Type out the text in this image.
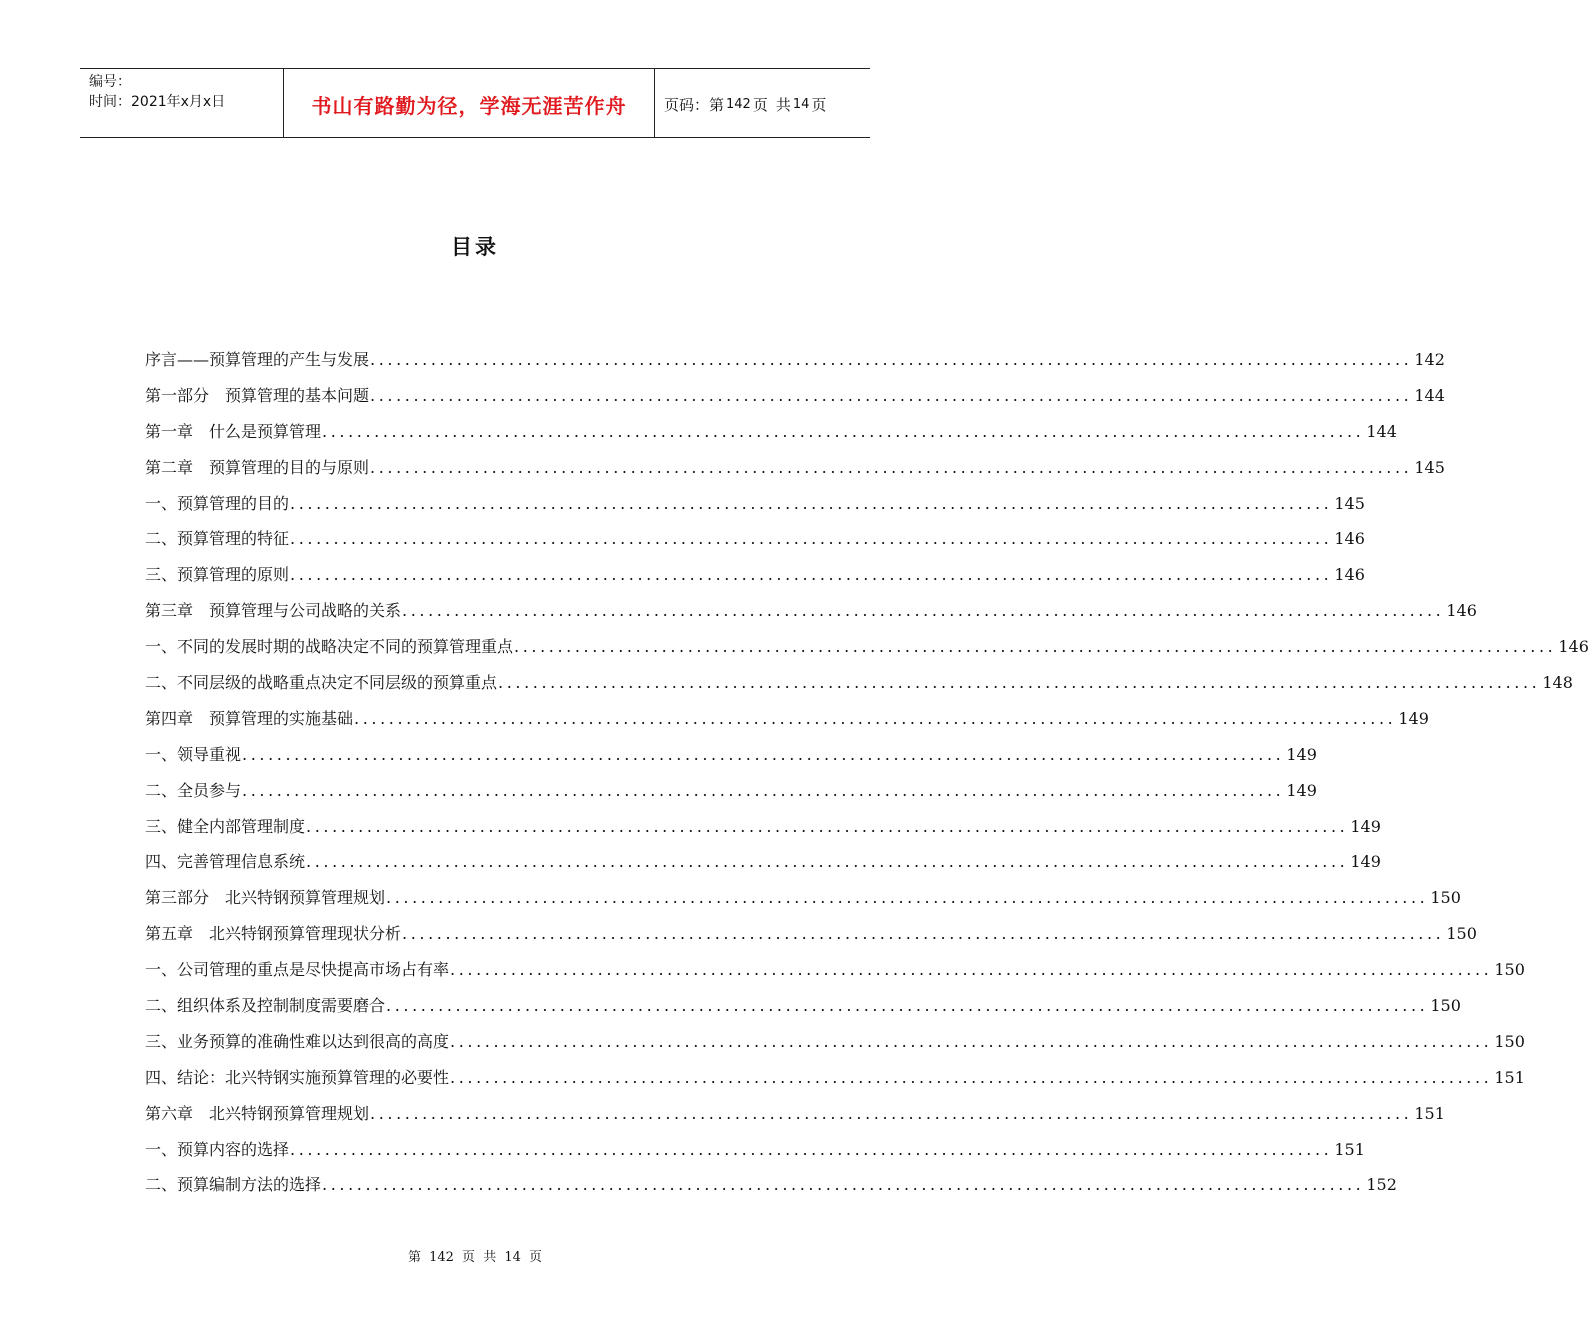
编号：
时间：2021年x月x日	书山有路勤为径，学海无涯苦作舟	页码：第 142 页 共 14 页
目录
序言——预算管理的产生与发展 ........................................................................................................................ 142
第一部分　预算管理的基本问题 ........................................................................................................................ 144
第一章　什么是预算管理 ........................................................................................................................ 144
第二章　预算管理的目的与原则 ........................................................................................................................ 145
一、预算管理的目的 ........................................................................................................................ 145
二、预算管理的特征 ........................................................................................................................ 146
三、预算管理的原则 ........................................................................................................................ 146
第三章　预算管理与公司战略的关系 ........................................................................................................................ 146
一、不同的发展时期的战略决定不同的预算管理重点 ........................................................................................................................ 146
二、不同层级的战略重点决定不同层级的预算重点 ........................................................................................................................ 148
第四章　预算管理的实施基础 ........................................................................................................................ 149
一、领导重视 ........................................................................................................................ 149
二、全员参与 ........................................................................................................................ 149
三、健全内部管理制度 ........................................................................................................................ 149
四、完善管理信息系统 ........................................................................................................................ 149
第三部分　北兴特钢预算管理规划 ........................................................................................................................ 150
第五章　北兴特钢预算管理现状分析 ........................................................................................................................ 150
一、公司管理的重点是尽快提高市场占有率 ........................................................................................................................ 150
二、组织体系及控制制度需要磨合 ........................................................................................................................ 150
三、业务预算的准确性难以达到很高的高度 ........................................................................................................................ 150
四、结论：北兴特钢实施预算管理的必要性 ........................................................................................................................ 151
第六章　北兴特钢预算管理规划 ........................................................................................................................ 151
一、预算内容的选择 ........................................................................................................................ 151
二、预算编制方法的选择 ........................................................................................................................ 152
第 142 页 共 14 页
